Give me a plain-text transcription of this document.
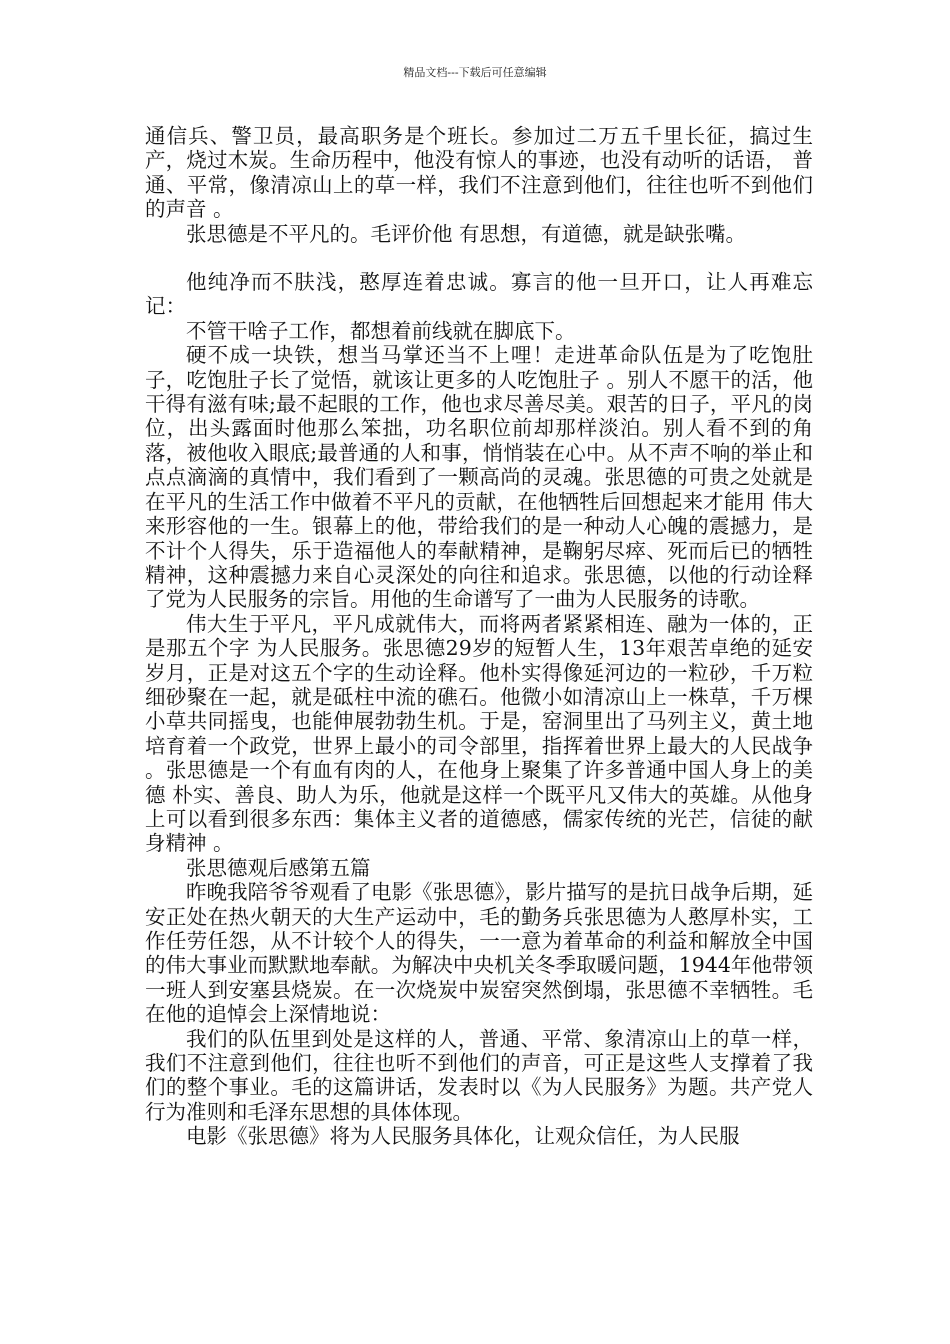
精品文档---下载后可任意编辑

通信兵、警卫员，最高职务是个班长。参加过二万五千里长征，搞过生产，烧过木炭。生命历程中，他没有惊人的事迹，也没有动听的话语， 普通、平常，像清凉山上的草一样，我们不注意到他们，往往也听不到他们的声音 。

张思德是不平凡的。毛评价他 有思想，有道德，就是缺张嘴。

他纯净而不肤浅，憨厚连着忠诚。寡言的他一旦开口，让人再难忘记：

不管干啥子工作，都想着前线就在脚底下。

硬不成一块铁，想当马掌还当不上哩！走进革命队伍是为了吃饱肚子，吃饱肚子长了觉悟，就该让更多的人吃饱肚子 。别人不愿干的活，他干得有滋有味;最不起眼的工作，他也求尽善尽美。艰苦的日子，平凡的岗位，出头露面时他那么笨拙，功名职位前却那样淡泊。别人看不到的角落，被他收入眼底;最普通的人和事，悄悄装在心中。从不声不响的举止和点点滴滴的真情中，我们看到了一颗高尚的灵魂。张思德的可贵之处就是在平凡的生活工作中做着不平凡的贡献，在他牺牲后回想起来才能用 伟大 来形容他的一生。银幕上的他，带给我们的是一种动人心魄的震撼力，是不计个人得失，乐于造福他人的奉献精神，是鞠躬尽瘁、死而后已的牺牲精神，这种震撼力来自心灵深处的向往和追求。张思德，以他的行动诠释了党为人民服务的宗旨。用他的生命谱写了一曲为人民服务的诗歌。

伟大生于平凡，平凡成就伟大，而将两者紧紧相连、融为一体的，正是那五个字 为人民服务。张思德29岁的短暂人生，13年艰苦卓绝的延安岁月，正是对这五个字的生动诠释。他朴实得像延河边的一粒砂，千万粒细砂聚在一起，就是砥柱中流的礁石。他微小如清凉山上一株草，千万棵小草共同摇曳，也能伸展勃勃生机。于是，窑洞里出了马列主义，黄土地培育着一个政党，世界上最小的司令部里，指挥着世界上最大的人民战争 。张思德是一个有血有肉的人，在他身上聚集了许多普通中国人身上的美德 朴实、善良、助人为乐，他就是这样一个既平凡又伟大的英雄。从他身上可以看到很多东西：集体主义者的道德感，儒家传统的光芒，信徒的献身精神 。

张思德观后感第五篇

昨晚我陪爷爷观看了电影《张思德》，影片描写的是抗日战争后期，延安正处在热火朝天的大生产运动中，毛的勤务兵张思德为人憨厚朴实，工作任劳任怨，从不计较个人的得失，一一意为着革命的利益和解放全中国的伟大事业而默默地奉献。为解决中央机关冬季取暖问题，1944年他带领一班人到安塞县烧炭。在一次烧炭中炭窑突然倒塌，张思德不幸牺牲。毛在他的追悼会上深情地说：

我们的队伍里到处是这样的人，普通、平常、象清凉山上的草一样，我们不注意到他们，往往也听不到他们的声音，可正是这些人支撑着了我们的整个事业。毛的这篇讲话，发表时以《为人民服务》为题。共产党人行为准则和毛泽东思想的具体体现。

电影《张思德》将为人民服务具体化，让观众信任，为人民服
